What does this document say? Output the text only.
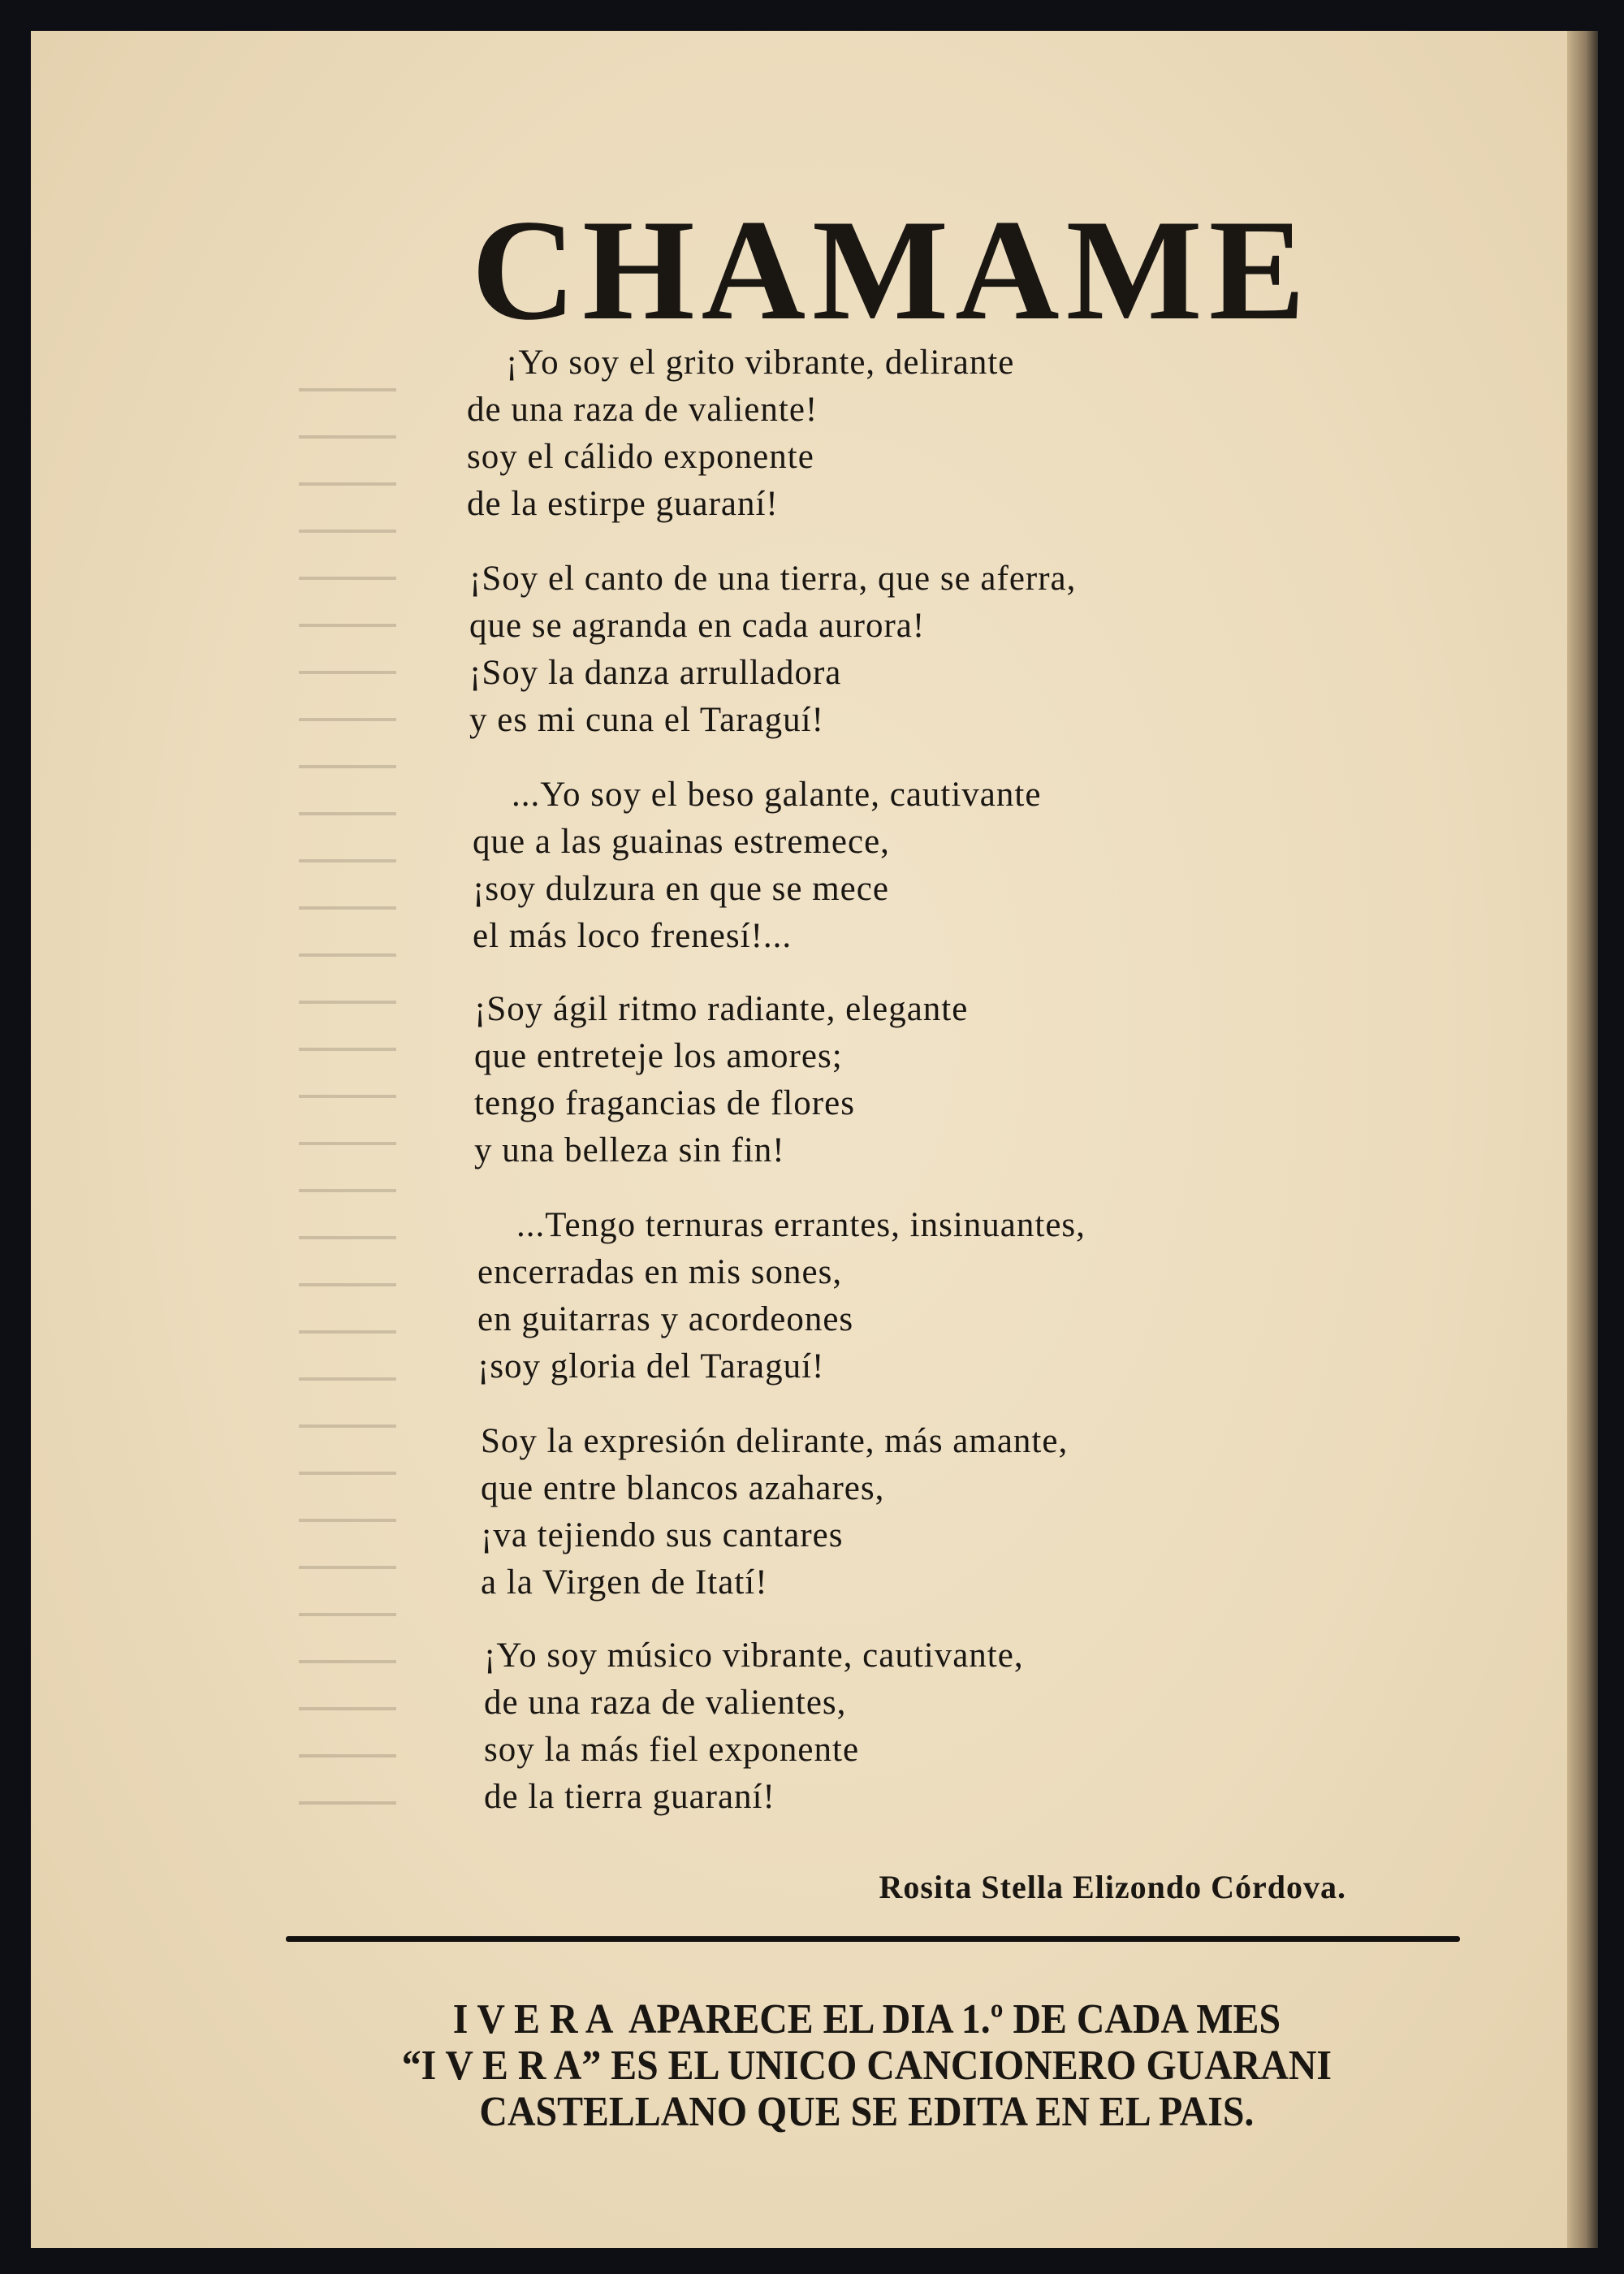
CHAMAME
¡Yo soy el grito vibrante, delirante
de una raza de valiente!
soy el cálido exponente
de la estirpe guaraní!
¡Soy el canto de una tierra, que se aferra,
que se agranda en cada aurora!
¡Soy la danza arrulladora
y es mi cuna el Taraguí!
...Yo soy el beso galante, cautivante
que a las guainas estremece,
¡soy dulzura en que se mece
el más loco frenesí!...
¡Soy ágil ritmo radiante, elegante
que entreteje los amores;
tengo fragancias de flores
y una belleza sin fin!
...Tengo ternuras errantes, insinuantes,
encerradas en mis sones,
en guitarras y acordeones
¡soy gloria del Taraguí!
Soy la expresión delirante, más amante,
que entre blancos azahares,
¡va tejiendo sus cantares
a la Virgen de Itatí!
¡Yo soy músico vibrante, cautivante,
de una raza de valientes,
soy la más fiel exponente
de la tierra guaraní!
Rosita Stella Elizondo Córdova.
I V E R A  APARECE EL DIA 1.º DE CADA MES
“I V E R A” ES EL UNICO CANCIONERO GUARANI
CASTELLANO QUE SE EDITA EN EL PAIS.
